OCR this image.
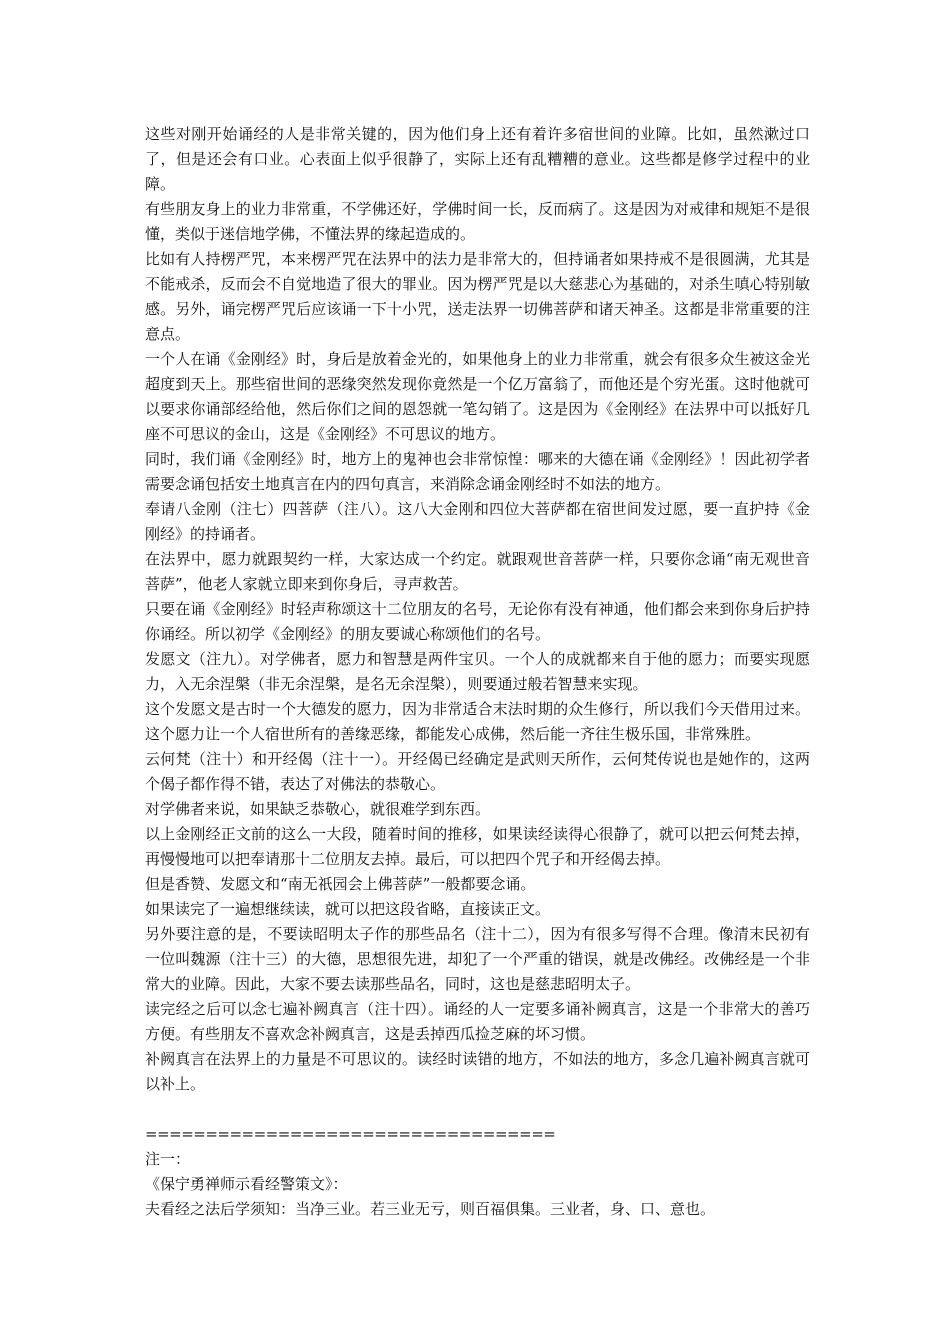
这些对刚开始诵经的人是非常关键的，因为他们身上还有着许多宿世间的业障。比如，虽然漱过口了，但是还会有口业。心表面上似乎很静了，实际上还有乱糟糟的意业。这些都是修学过程中的业障。

有些朋友身上的业力非常重，不学佛还好，学佛时间一长，反而病了。这是因为对戒律和规矩不是很懂，类似于迷信地学佛，不懂法界的缘起造成的。

比如有人持楞严咒，本来楞严咒在法界中的法力是非常大的，但持诵者如果持戒不是很圆满，尤其是不能戒杀，反而会不自觉地造了很大的罪业。因为楞严咒是以大慈悲心为基础的，对杀生嗔心特别敏感。另外，诵完楞严咒后应该诵一下十小咒，送走法界一切佛菩萨和诸天神圣。这都是非常重要的注意点。

一个人在诵《金刚经》时，身后是放着金光的，如果他身上的业力非常重，就会有很多众生被这金光超度到天上。那些宿世间的恶缘突然发现你竟然是一个亿万富翁了，而他还是个穷光蛋。这时他就可以要求你诵部经给他，然后你们之间的恩怨就一笔勾销了。这是因为《金刚经》在法界中可以抵好几座不可思议的金山，这是《金刚经》不可思议的地方。

同时，我们诵《金刚经》时，地方上的鬼神也会非常惊惶：哪来的大德在诵《金刚经》！因此初学者需要念诵包括安土地真言在内的四句真言，来消除念诵金刚经时不如法的地方。

奉请八金刚（注七）四菩萨（注八）。这八大金刚和四位大菩萨都在宿世间发过愿，要一直护持《金刚经》的持诵者。

在法界中，愿力就跟契约一样，大家达成一个约定。就跟观世音菩萨一样，只要你念诵“南无观世音菩萨”，他老人家就立即来到你身后，寻声救苦。

只要在诵《金刚经》时轻声称颂这十二位朋友的名号，无论你有没有神通，他们都会来到你身后护持你诵经。所以初学《金刚经》的朋友要诚心称颂他们的名号。

发愿文（注九）。对学佛者，愿力和智慧是两件宝贝。一个人的成就都来自于他的愿力；而要实现愿力，入无余涅槃（非无余涅槃，是名无余涅槃），则要通过般若智慧来实现。

这个发愿文是古时一个大德发的愿力，因为非常适合末法时期的众生修行，所以我们今天借用过来。这个愿力让一个人宿世所有的善缘恶缘，都能发心成佛，然后能一齐往生极乐国，非常殊胜。

云何梵（注十）和开经偈（注十一）。开经偈已经确定是武则天所作，云何梵传说也是她作的，这两个偈子都作得不错，表达了对佛法的恭敬心。

对学佛者来说，如果缺乏恭敬心，就很难学到东西。

以上金刚经正文前的这么一大段，随着时间的推移，如果读经读得心很静了，就可以把云何梵去掉，再慢慢地可以把奉请那十二位朋友去掉。最后，可以把四个咒子和开经偈去掉。

但是香赞、发愿文和“南无祇园会上佛菩萨”一般都要念诵。

如果读完了一遍想继续读，就可以把这段省略，直接读正文。

另外要注意的是，不要读昭明太子作的那些品名（注十二），因为有很多写得不合理。像清末民初有一位叫魏源（注十三）的大德，思想很先进，却犯了一个严重的错误，就是改佛经。改佛经是一个非常大的业障。因此，大家不要去读那些品名，同时，这也是慈悲昭明太子。

读完经之后可以念七遍补阙真言（注十四）。诵经的人一定要多诵补阙真言，这是一个非常大的善巧方便。有些朋友不喜欢念补阙真言，这是丢掉西瓜捡芝麻的坏习惯。

补阙真言在法界上的力量是不可思议的。读经时读错的地方，不如法的地方，多念几遍补阙真言就可以补上。

==================================

注一：

《保宁勇禅师示看经警策文》：

夫看经之法后学须知：当净三业。若三业无亏，则百福俱集。三业者，身、口、意也。
